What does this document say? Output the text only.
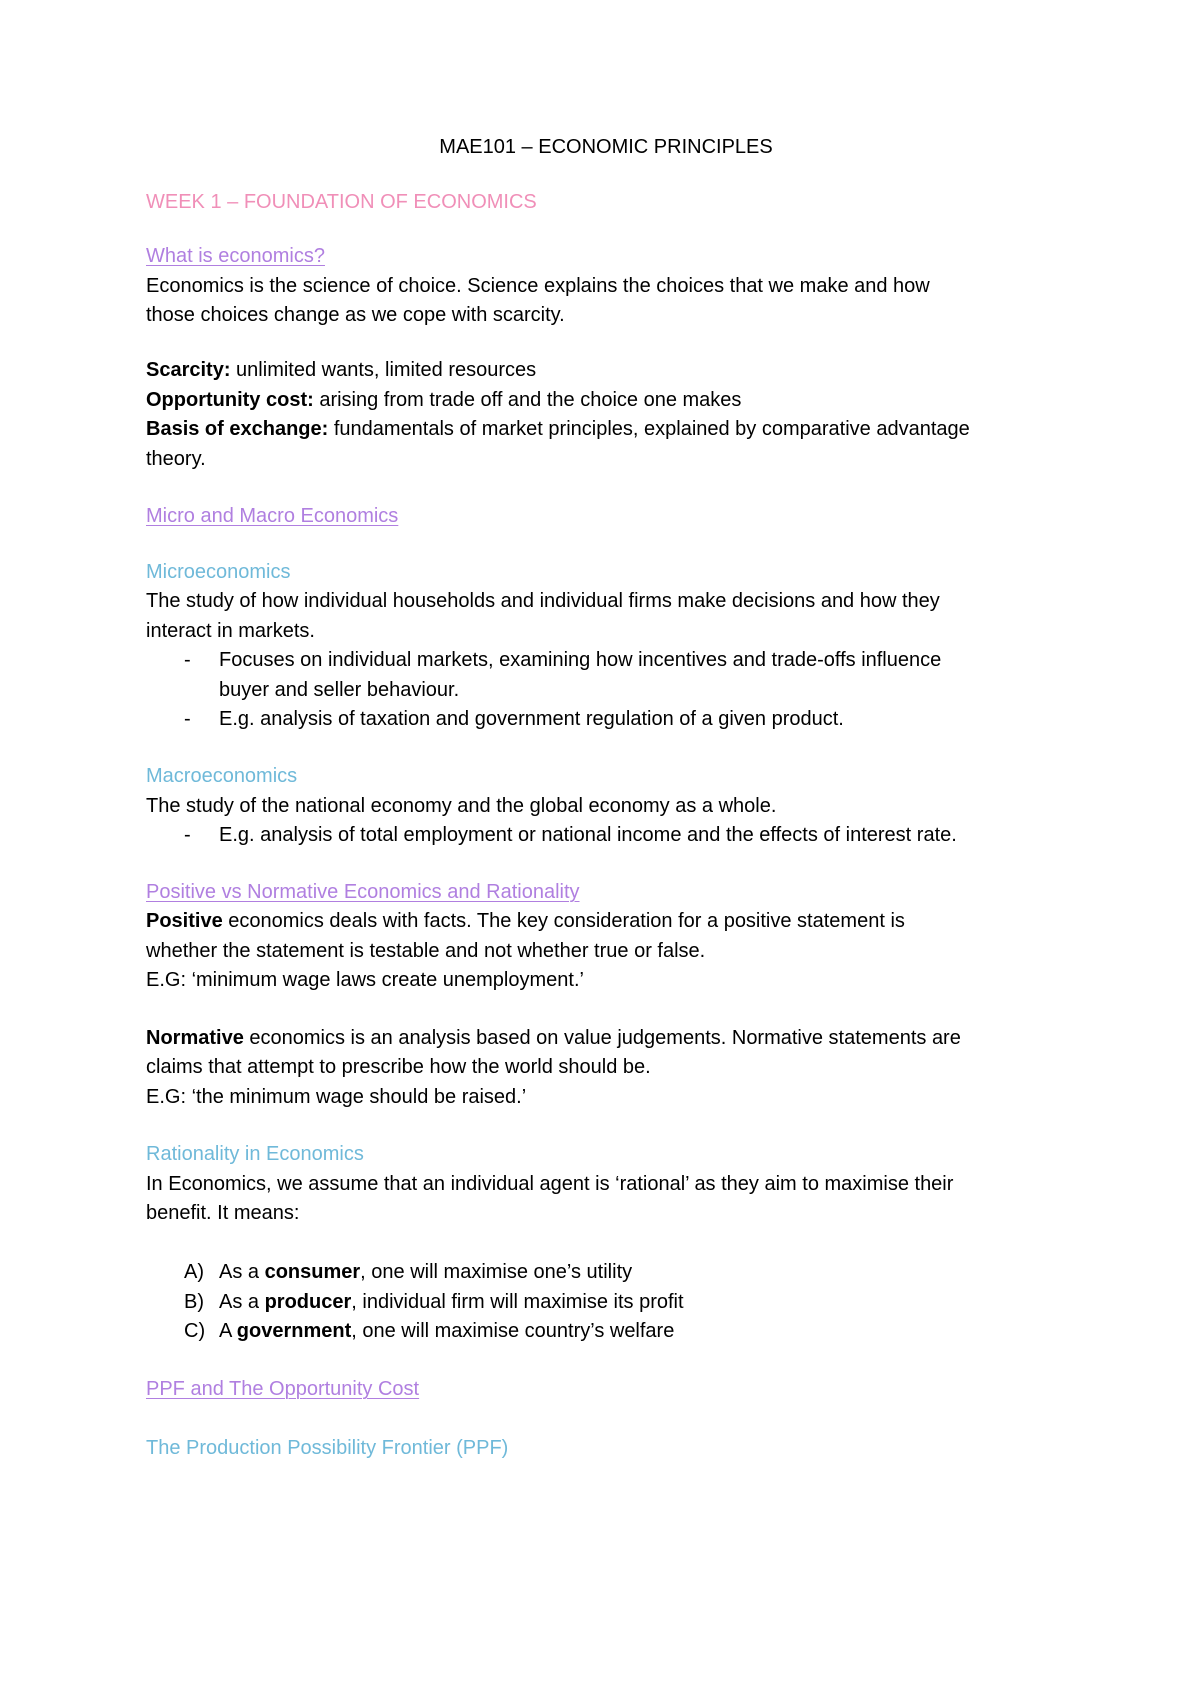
MAE101 – ECONOMIC PRINCIPLES
WEEK 1 – FOUNDATION OF ECONOMICS
What is economics?
Economics is the science of choice. Science explains the choices that we make and how
those choices change as we cope with scarcity.
Scarcity: unlimited wants, limited resources
Opportunity cost: arising from trade off and the choice one makes
Basis of exchange: fundamentals of market principles, explained by comparative advantage
theory.
Micro and Macro Economics
Microeconomics
The study of how individual households and individual firms make decisions and how they
interact in markets.
- Focuses on individual markets, examining how incentives and trade-offs influence
buyer and seller behaviour.
- E.g. analysis of taxation and government regulation of a given product.
Macroeconomics
The study of the national economy and the global economy as a whole.
- E.g. analysis of total employment or national income and the effects of interest rate.
Positive vs Normative Economics and Rationality
Positive economics deals with facts. The key consideration for a positive statement is
whether the statement is testable and not whether true or false.
E.G: ‘minimum wage laws create unemployment.’
Normative economics is an analysis based on value judgements. Normative statements are
claims that attempt to prescribe how the world should be.
E.G: ‘the minimum wage should be raised.’
Rationality in Economics
In Economics, we assume that an individual agent is ‘rational’ as they aim to maximise their
benefit. It means:
A) As a consumer, one will maximise one’s utility
B) As a producer, individual firm will maximise its profit
C) A government, one will maximise country’s welfare
PPF and The Opportunity Cost
The Production Possibility Frontier (PPF)
